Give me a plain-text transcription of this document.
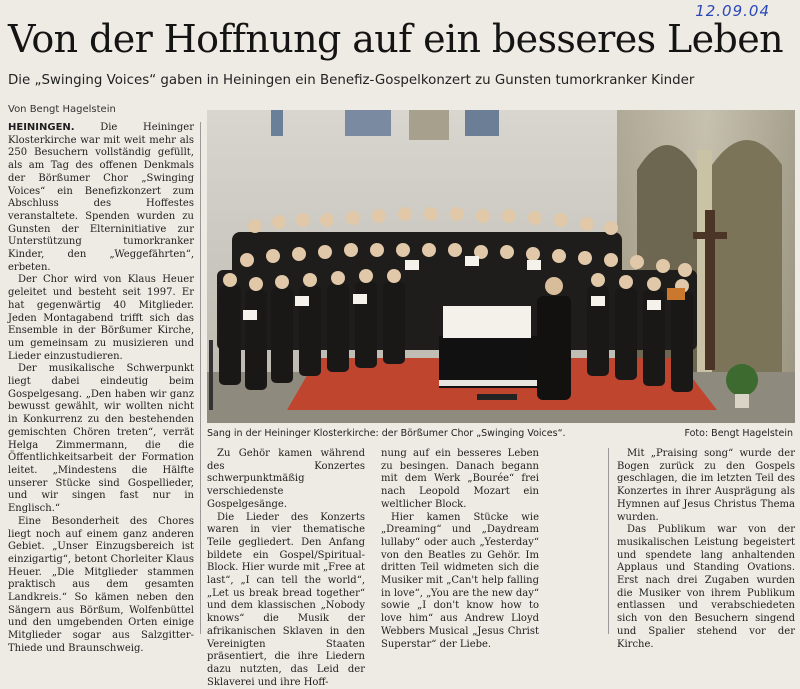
12.09.04
Von der Hoffnung auf ein besseres Leben
Die „Swinging Voices“ gaben in Heiningen ein Benefiz-Gospelkonzert zu Gunsten tumorkranker Kinder
Von Bengt Hagelstein

HEININGEN.	Die Heininger Klosterkirche war mit weit mehr als 250 Besuchern vollständig gefüllt, als am Tag des offenen Denkmals der Börßumer Chor „Swinging Voices“ ein Benefizkonzert zum Abschluss des Hoffestes veranstaltete. Spenden wurden zu Gunsten der Elterninitiative zur Unterstützung tumorkranker Kinder, den „Weggefährten“, erbeten.

Der Chor wird von Klaus Heuer geleitet und besteht seit 1997. Er hat gegenwärtig 40 Mitglieder. Jeden Montagabend trifft sich das Ensemble in der Börßumer Kirche, um gemeinsam zu musizieren und Lieder einzustudieren.

Der musikalische Schwerpunkt liegt dabei eindeutig beim Gospelgesang. „Den haben wir ganz bewusst gewählt, wir wollten nicht in Konkurrenz zu den bestehenden gemischten Chören treten“, verrät Helga Zimmermann, die die Öffentlichkeitsarbeit der Formation leitet. „Mindestens die Hälfte unserer Stücke sind Gospellieder, und wir singen fast nur in Englisch.“

Eine Besonderheit des Chores liegt noch auf einem ganz anderen Gebiet. „Unser Einzugsbereich ist einzigartig“, betont Chorleiter Klaus Heuer. „Die Mitglieder stammen praktisch aus dem gesamten Landkreis.“ So kämen neben den Sängern aus Börßum, Wolfenbüttel und den umgebenden Orten einige Mitglieder sogar aus Salzgitter-Thiede und Braunschweig.

Sang in der Heininger Klosterkirche: der Börßumer Chor „Swinging Voices“.	Foto: Bengt Hagelstein

Zu Gehör kamen während des Konzertes schwerpunktmäßig verschiedenste Gospelgesänge.

Die Lieder des Konzerts waren in vier thematische Teile gegliedert. Den Anfang bildete ein Gospel/Spiritual-Block. Hier wurde mit „Free at last“, „I can tell the world“, „Let us break bread together“ und dem klassischen „Nobody knows“ die Musik der afrikanischen Sklaven in den Vereinigten Staaten präsentiert, die ihre Liedern dazu nutzten, das Leid der Sklaverei und ihre Hoff-

nung auf ein besseres Leben zu besingen. Danach begann mit dem Werk „Bourée“ frei nach Leopold Mozart ein weltlicher Block.

Hier kamen Stücke wie „Dreaming“ und „Daydream lullaby“ oder auch „Yesterday“ von den Beatles zu Gehör. Im dritten Teil widmeten sich die Musiker mit „Can't help falling in love“, „You are the new day“ sowie „I don't know how to love him“ aus Andrew Lloyd Webbers Musical „Jesus Christ Superstar“ der Liebe.

Mit „Praising song“ wurde der Bogen zurück zu den Gospels geschlagen, die im letzten Teil des Konzertes in ihrer Ausprägung als Hymnen auf Jesus Christus Thema wurden.

Das Publikum war von der musikalischen Leistung begeistert und spendete lang anhaltenden Applaus und Standing Ovations. Erst nach drei Zugaben wurden die Musiker von ihrem Publikum entlassen und verabschiedeten sich von den Besuchern singend und Spalier stehend vor der Kirche.
